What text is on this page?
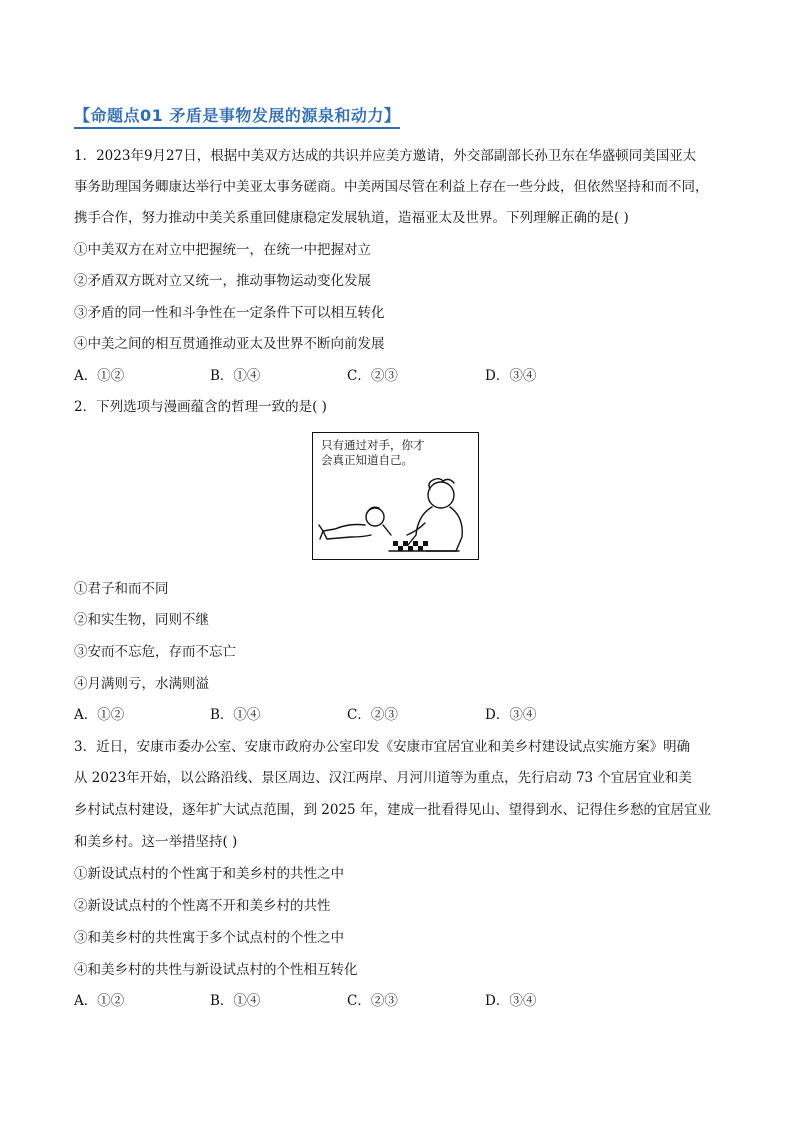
【命题点01 矛盾是事物发展的源泉和动力】
1．2023年9月27日，根据中美双方达成的共识并应美方邀请，外交部副部长孙卫东在华盛顿同美国亚太
事务助理国务卿康达举行中美亚太事务磋商。中美两国尽管在利益上存在一些分歧，但依然坚持和而不同，
携手合作，努力推动中美关系重回健康稳定发展轨道，造福亚太及世界。下列理解正确的是( )
①中美双方在对立中把握统一，在统一中把握对立
②矛盾双方既对立又统一，推动事物运动变化发展
③矛盾的同一性和斗争性在一定条件下可以相互转化
④中美之间的相互贯通推动亚太及世界不断向前发展
A．①②	B．①④	C．②③	D．③④
2．下列选项与漫画蕴含的哲理一致的是( )
只有通过对手，你才
会真正知道自己。
①君子和而不同
②和实生物，同则不继
③安而不忘危，存而不忘亡
④月满则亏，水满则溢
A．①②	B．①④	C．②③	D．③④
3．近日，安康市委办公室、安康市政府办公室印发《安康市宜居宜业和美乡村建设试点实施方案》明确
从 2023年开始，以公路沿线、景区周边、汉江两岸、月河川道等为重点，先行启动 73 个宜居宜业和美
乡村试点村建设，逐年扩大试点范围，到 2025 年，建成一批看得见山、望得到水、记得住乡愁的宜居宜业
和美乡村。这一举措坚持( )
①新设试点村的个性寓于和美乡村的共性之中
②新设试点村的个性离不开和美乡村的共性
③和美乡村的共性寓于多个试点村的个性之中
④和美乡村的共性与新设试点村的个性相互转化
A．①②	B．①④	C．②③	D．③④
